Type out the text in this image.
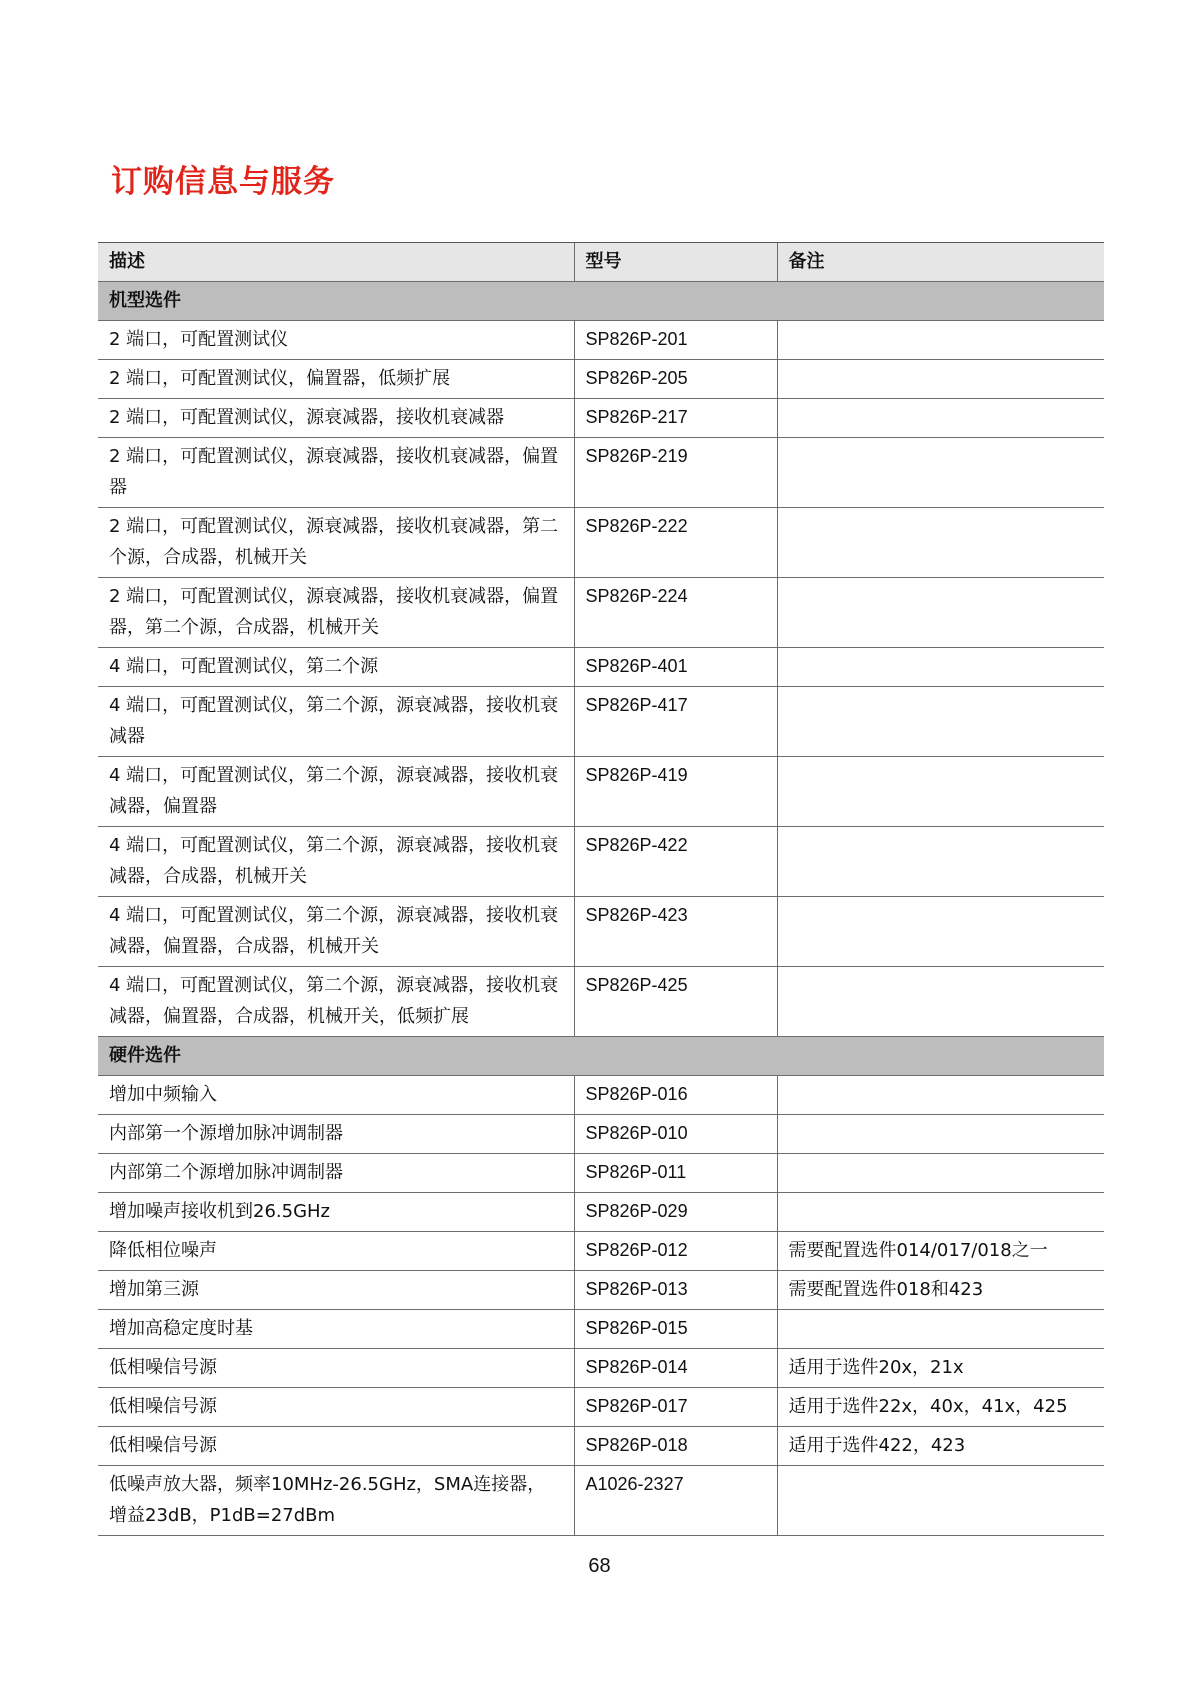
订购信息与服务
描述	型号	备注
机型选件		
2 端口，可配置测试仪	SP826P-201	
2 端口，可配置测试仪，偏置器，低频扩展	SP826P-205	
2 端口，可配置测试仪，源衰减器，接收机衰减器	SP826P-217	
2 端口，可配置测试仪，源衰减器，接收机衰减器，偏置器	SP826P-219	
2 端口，可配置测试仪，源衰减器，接收机衰减器，第二个源，合成器，机械开关	SP826P-222	
2 端口，可配置测试仪，源衰减器，接收机衰减器，偏置器，第二个源，合成器，机械开关	SP826P-224	
4 端口，可配置测试仪，第二个源	SP826P-401	
4 端口，可配置测试仪，第二个源，源衰减器，接收机衰减器	SP826P-417	
4 端口，可配置测试仪，第二个源，源衰减器，接收机衰减器，偏置器	SP826P-419	
4 端口，可配置测试仪，第二个源，源衰减器，接收机衰减器，合成器，机械开关	SP826P-422	
4 端口，可配置测试仪，第二个源，源衰减器，接收机衰减器，偏置器，合成器，机械开关	SP826P-423	
4 端口，可配置测试仪，第二个源，源衰减器，接收机衰减器，偏置器，合成器，机械开关，低频扩展	SP826P-425	
硬件选件		
增加中频输入	SP826P-016	
内部第一个源增加脉冲调制器	SP826P-010	
内部第二个源增加脉冲调制器	SP826P-011	
增加噪声接收机到26.5GHz	SP826P-029	
降低相位噪声	SP826P-012	需要配置选件014/017/018之一
增加第三源	SP826P-013	需要配置选件018和423
增加高稳定度时基	SP826P-015	
低相噪信号源	SP826P-014	适用于选件20x，21x
低相噪信号源	SP826P-017	适用于选件22x，40x，41x，425
低相噪信号源	SP826P-018	适用于选件422，423
低噪声放大器，频率10MHz-26.5GHz，SMA连接器，增益23dB，P1dB=27dBm	A1026-2327	
68
